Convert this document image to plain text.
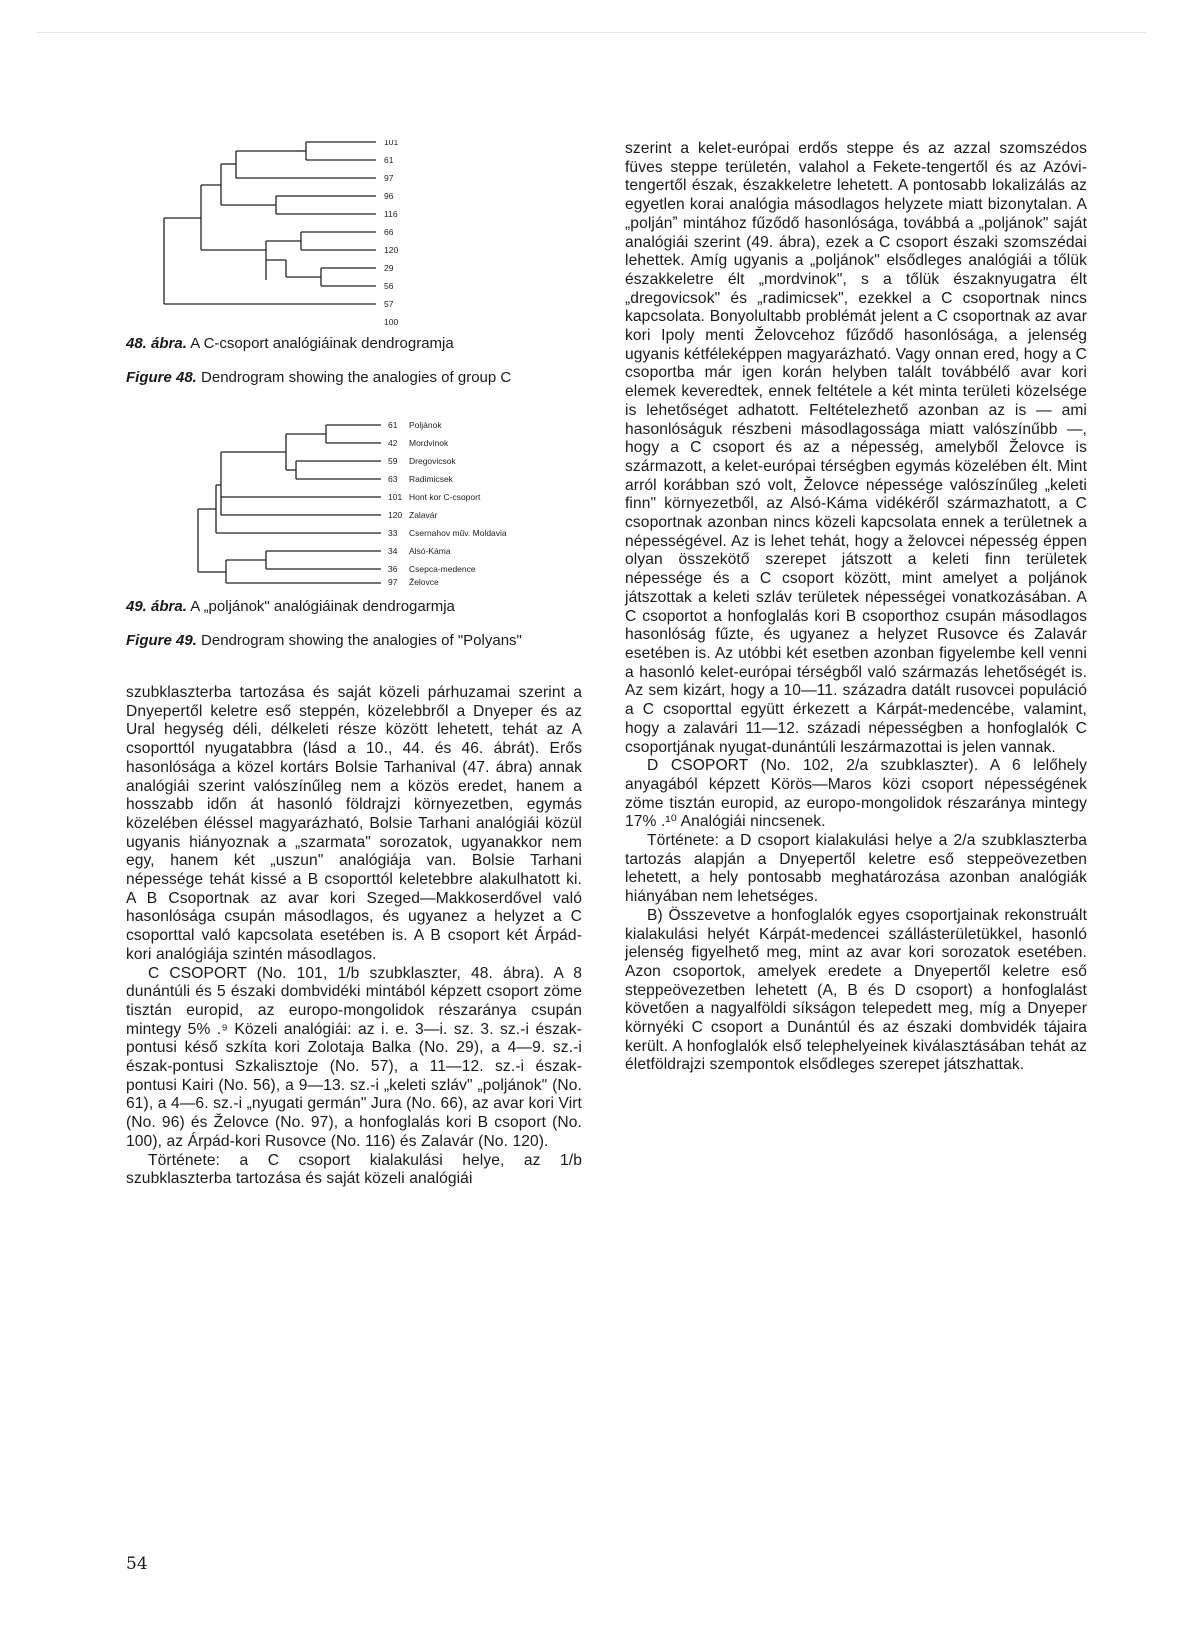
101
61
97
96
116
66
120
29
56
57
100

48. ábra. A C-csoport analógiáinak dendrogramja

Figure 48. Dendrogram showing the analogies of group C

61 Poljánok
42 Mordvinok
59 Dregovicsok
63 Radimicsek
101 Hont kor C-csoport
120 Zalavár
33 Csernahov műv. Moldavia
34 Alsó-Káma
36 Csepca-medence
97 Želovce

49. ábra. A „poljánok" analógiáinak dendrogarmja

Figure 49. Dendrogram showing the analogies of "Polyans"

szubklaszterba tartozása és saját közeli párhuzamai szerint a Dnyepertől keletre eső steppén, közelebbről a Dnyeper és az Ural hegység déli, délkeleti része között lehetett, tehát az A csoporttól nyugatabbra (lásd a 10., 44. és 46. ábrát). Erős hasonlósága a közel kortárs Bolsie Tarhanival (47. ábra) annak analógiái szerint valószínűleg nem a közös eredet, hanem a hosszabb időn át hasonló földrajzi környezetben, egymás közelében éléssel magyarázható, Bolsie Tarhani analógiái közül ugyanis hiányoznak a „szarmata" sorozatok, ugyanakkor nem egy, hanem két „uszun" analógiája van. Bolsie Tarhani népessége tehát kissé a B csoporttól keletebbre alakulhatott ki. A B Csoportnak az avar kori Szeged—Makkoserdővel való hasonlósága csupán másodlagos, és ugyanez a helyzet a C csoporttal való kapcsolata esetében is. A B csoport két Árpád-kori analógiája szintén másodlagos.

C CSOPORT (No. 101, 1/b szubklaszter, 48. ábra). A 8 dunántúli és 5 északi dombvidéki mintából képzett csoport zöme tisztán europid, az europo-mongolidok részaránya csupán mintegy 5% .⁹ Közeli analógiái: az i. e. 3—i. sz. 3. sz.-i észak-pontusi késő szkíta kori Zolotaja Balka (No. 29), a 4—9. sz.-i észak-pontusi Szkalisztoje (No. 57), a 11—12. sz.-i észak-pontusi Kairi (No. 56), a 9—13. sz.-i „keleti szláv" „poljánok" (No. 61), a 4—6. sz.-i „nyugati germán" Jura (No. 66), az avar kori Virt (No. 96) és Želovce (No. 97), a honfoglalás kori B csoport (No. 100), az Árpád-kori Rusovce (No. 116) és Zalavár (No. 120).

Története: a C csoport kialakulási helye, az 1/b szubklaszterba tartozása és saját közeli analógiái

szerint a kelet-európai erdős steppe és az azzal szomszédos füves steppe területén, valahol a Fekete-tengertől és az Azóvi-tengertől észak, északkeletre lehetett. A pontosabb lokalizálás az egyetlen korai analógia másodlagos helyzete miatt bizonytalan. A „poljánˮ mintához fűződő hasonlósága, továbbá a „poljánok" saját analógiái szerint (49. ábra), ezek a C csoport északi szomszédai lehettek. Amíg ugyanis a „poljánok" elsődleges analógiái a tőlük északkeletre élt „mordvinok", s a tőlük északnyugatra élt „dregovicsok" és „radimicsek", ezekkel a C csoportnak nincs kapcsolata. Bonyolultabb problémát jelent a C csoportnak az avar kori Ipoly menti Želovcehoz fűződő hasonlósága, a jelenség ugyanis kétféleképpen magyarázható. Vagy onnan ered, hogy a C csoportba már igen korán helyben talált továbbélő avar kori elemek keveredtek, ennek feltétele a két minta területi közelsége is lehetőséget adhatott. Feltételezhető azonban az is — ami hasonlóságuk részbeni másodlagossága miatt valószínűbb —, hogy a C csoport és az a népesség, amelyből Želovce is származott, a kelet-európai térségben egymás közelében élt. Mint arról korábban szó volt, Želovce népessége valószínűleg „keleti finn" környezetből, az Alsó-Káma vidékéről származhatott, a C csoportnak azonban nincs közeli kapcsolata ennek a területnek a népességével. Az is lehet tehát, hogy a želovcei népesség éppen olyan összekötő szerepet játszott a keleti finn területek népessége és a C csoport között, mint amelyet a poljánok játszottak a keleti szláv területek népességei vonatkozásában. A C csoportot a honfoglalás kori B csoporthoz csupán másodlagos hasonlóság fűzte, és ugyanez a helyzet Rusovce és Zalavár esetében is. Az utóbbi két esetben azonban figyelembe kell venni a hasonló kelet-európai térségből való származás lehetőségét is. Az sem kizárt, hogy a 10—11. századra datált rusovcei populáció a C csoporttal együtt érkezett a Kárpát-medencébe, valamint, hogy a zalavári 11—12. századi népességben a honfoglalók C csoportjának nyugat-dunántúli leszármazottai is jelen vannak.

D CSOPORT (No. 102, 2/a szubklaszter). A 6 lelőhely anyagából képzett Körös—Maros közi csoport népességének zöme tisztán europid, az europo-mongolidok részaránya mintegy 17% .¹⁰ Analógiái nincsenek.

Története: a D csoport kialakulási helye a 2/a szubklaszterba tartozás alapján a Dnyepertől keletre eső steppeövezetben lehetett, a hely pontosabb meghatározása azonban analógiák hiányában nem lehetséges.

B) Összevetve a honfoglalók egyes csoportjainak rekonstruált kialakulási helyét Kárpát-medencei szállásterületükkel, hasonló jelenség figyelhető meg, mint az avar kori sorozatok esetében. Azon csoportok, amelyek eredete a Dnyepertől keletre eső steppeövezetben lehetett (A, B és D csoport) a honfoglalást követően a nagyalföldi síkságon telepedett meg, míg a Dnyeper környéki C csoport a Dunántúl és az északi dombvidék tájaira került. A honfoglalók első telephelyeinek kiválasztásában tehát az életföldrajzi szempontok elsődleges szerepet játszhattak.

54
